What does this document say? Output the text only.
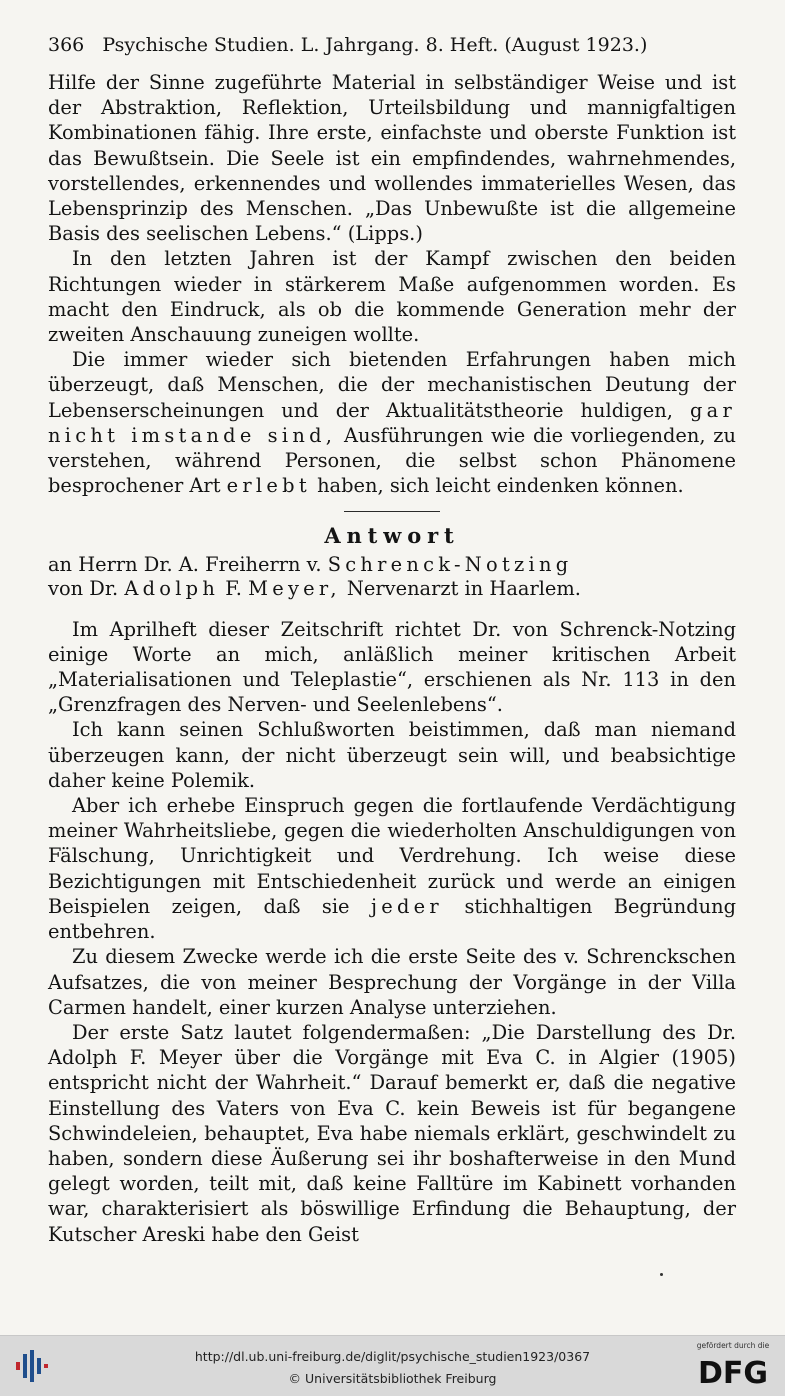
366 Psychische Studien. L. Jahrgang. 8. Heft. (August 1923.)

Hilfe der Sinne zugeführte Material in selbständiger Weise und ist der Abstraktion, Reflektion, Urteilsbildung und mannigfaltigen Kombinationen fähig. Ihre erste, einfachste und oberste Funktion ist das Bewußtsein. Die Seele ist ein empfindendes, wahrnehmendes, vorstellendes, erkennendes und wollendes immaterielles Wesen, das Lebensprinzip des Menschen. „Das Unbewußte ist die allgemeine Basis des seelischen Lebens.“ (Lipps.)

In den letzten Jahren ist der Kampf zwischen den beiden Richtungen wieder in stärkerem Maße aufgenommen worden. Es macht den Eindruck, als ob die kommende Generation mehr der zweiten Anschauung zuneigen wollte.

Die immer wieder sich bietenden Erfahrungen haben mich überzeugt, daß Menschen, die der mechanistischen Deutung der Lebenserscheinungen und der Aktualitätstheorie huldigen, gar nicht imstande sind, Ausführungen wie die vorliegenden, zu verstehen, während Personen, die selbst schon Phänomene besprochener Art erlebt haben, sich leicht eindenken können.

Antwort

an Herrn Dr. A. Freiherrn v. Schrenck-Notzing

von Dr. Adolph F. Meyer, Nervenarzt in Haarlem.

Im Aprilheft dieser Zeitschrift richtet Dr. von Schrenck-Notzing einige Worte an mich, anläßlich meiner kritischen Arbeit „Materialisationen und Teleplastie“, erschienen als Nr. 113 in den „Grenzfragen des Nerven- und Seelenlebens“.

Ich kann seinen Schlußworten beistimmen, daß man niemand überzeugen kann, der nicht überzeugt sein will, und beabsichtige daher keine Polemik.

Aber ich erhebe Einspruch gegen die fortlaufende Verdächtigung meiner Wahrheitsliebe, gegen die wiederholten Anschuldigungen von Fälschung, Unrichtigkeit und Verdrehung. Ich weise diese Bezichtigungen mit Entschiedenheit zurück und werde an einigen Beispielen zeigen, daß sie jeder stichhaltigen Begründung entbehren.

Zu diesem Zwecke werde ich die erste Seite des v. Schrenckschen Aufsatzes, die von meiner Besprechung der Vorgänge in der Villa Carmen handelt, einer kurzen Analyse unterziehen.

Der erste Satz lautet folgendermaßen: „Die Darstellung des Dr. Adolph F. Meyer über die Vorgänge mit Eva C. in Algier (1905) entspricht nicht der Wahrheit.“ Darauf bemerkt er, daß die negative Einstellung des Vaters von Eva C. kein Beweis ist für begangene Schwindeleien, behauptet, Eva habe niemals erklärt, geschwindelt zu haben, sondern diese Äußerung sei ihr boshafterweise in den Mund gelegt worden, teilt mit, daß keine Falltüre im Kabinett vorhanden war, charakterisiert als böswillige Erfindung die Behauptung, der Kutscher Areski habe den Geist

http://dl.ub.uni-freiburg.de/diglit/psychische_studien1923/0367
© Universitätsbibliothek Freiburg
gefördert durch die
DFG
